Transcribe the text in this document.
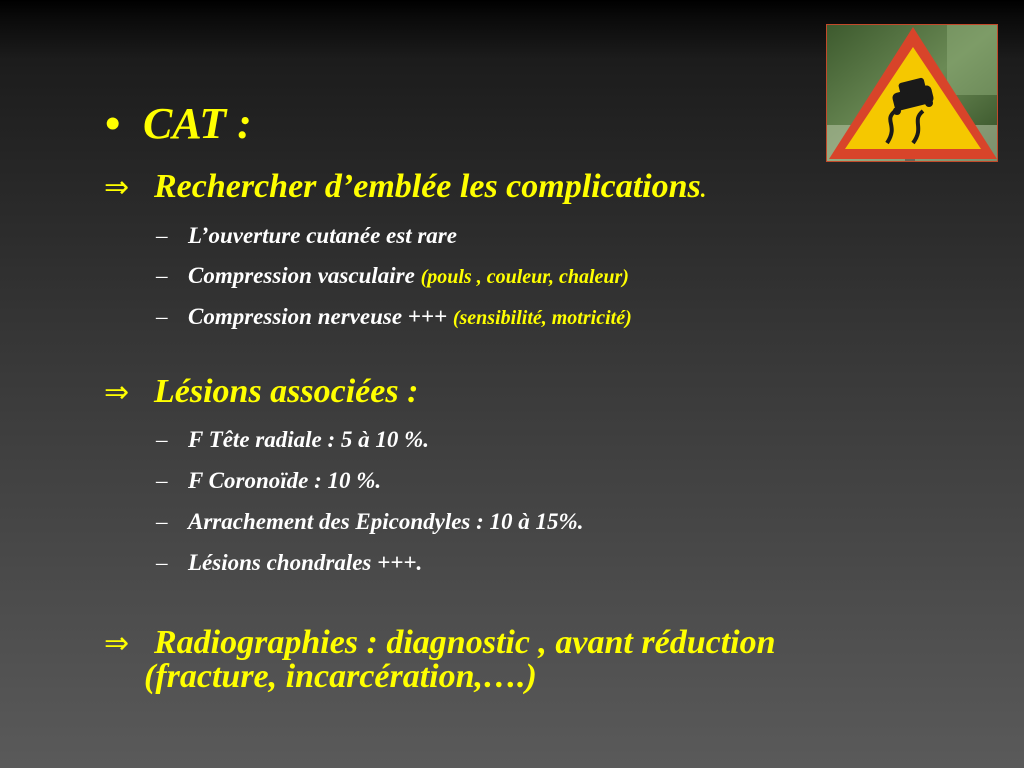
• CAT :
⇒ Rechercher d’emblée les complications.
– L’ouverture cutanée est rare
– Compression vasculaire (pouls , couleur, chaleur)
– Compression nerveuse +++ (sensibilité, motricité)
⇒ Lésions associées :
– F Tête radiale : 5 à 10 %.
– F Coronoïde : 10 %.
– Arrachement des Epicondyles : 10 à 15%.
– Lésions chondrales +++.
⇒ Radiographies : diagnostic , avant réduction
(fracture, incarcération,….)
